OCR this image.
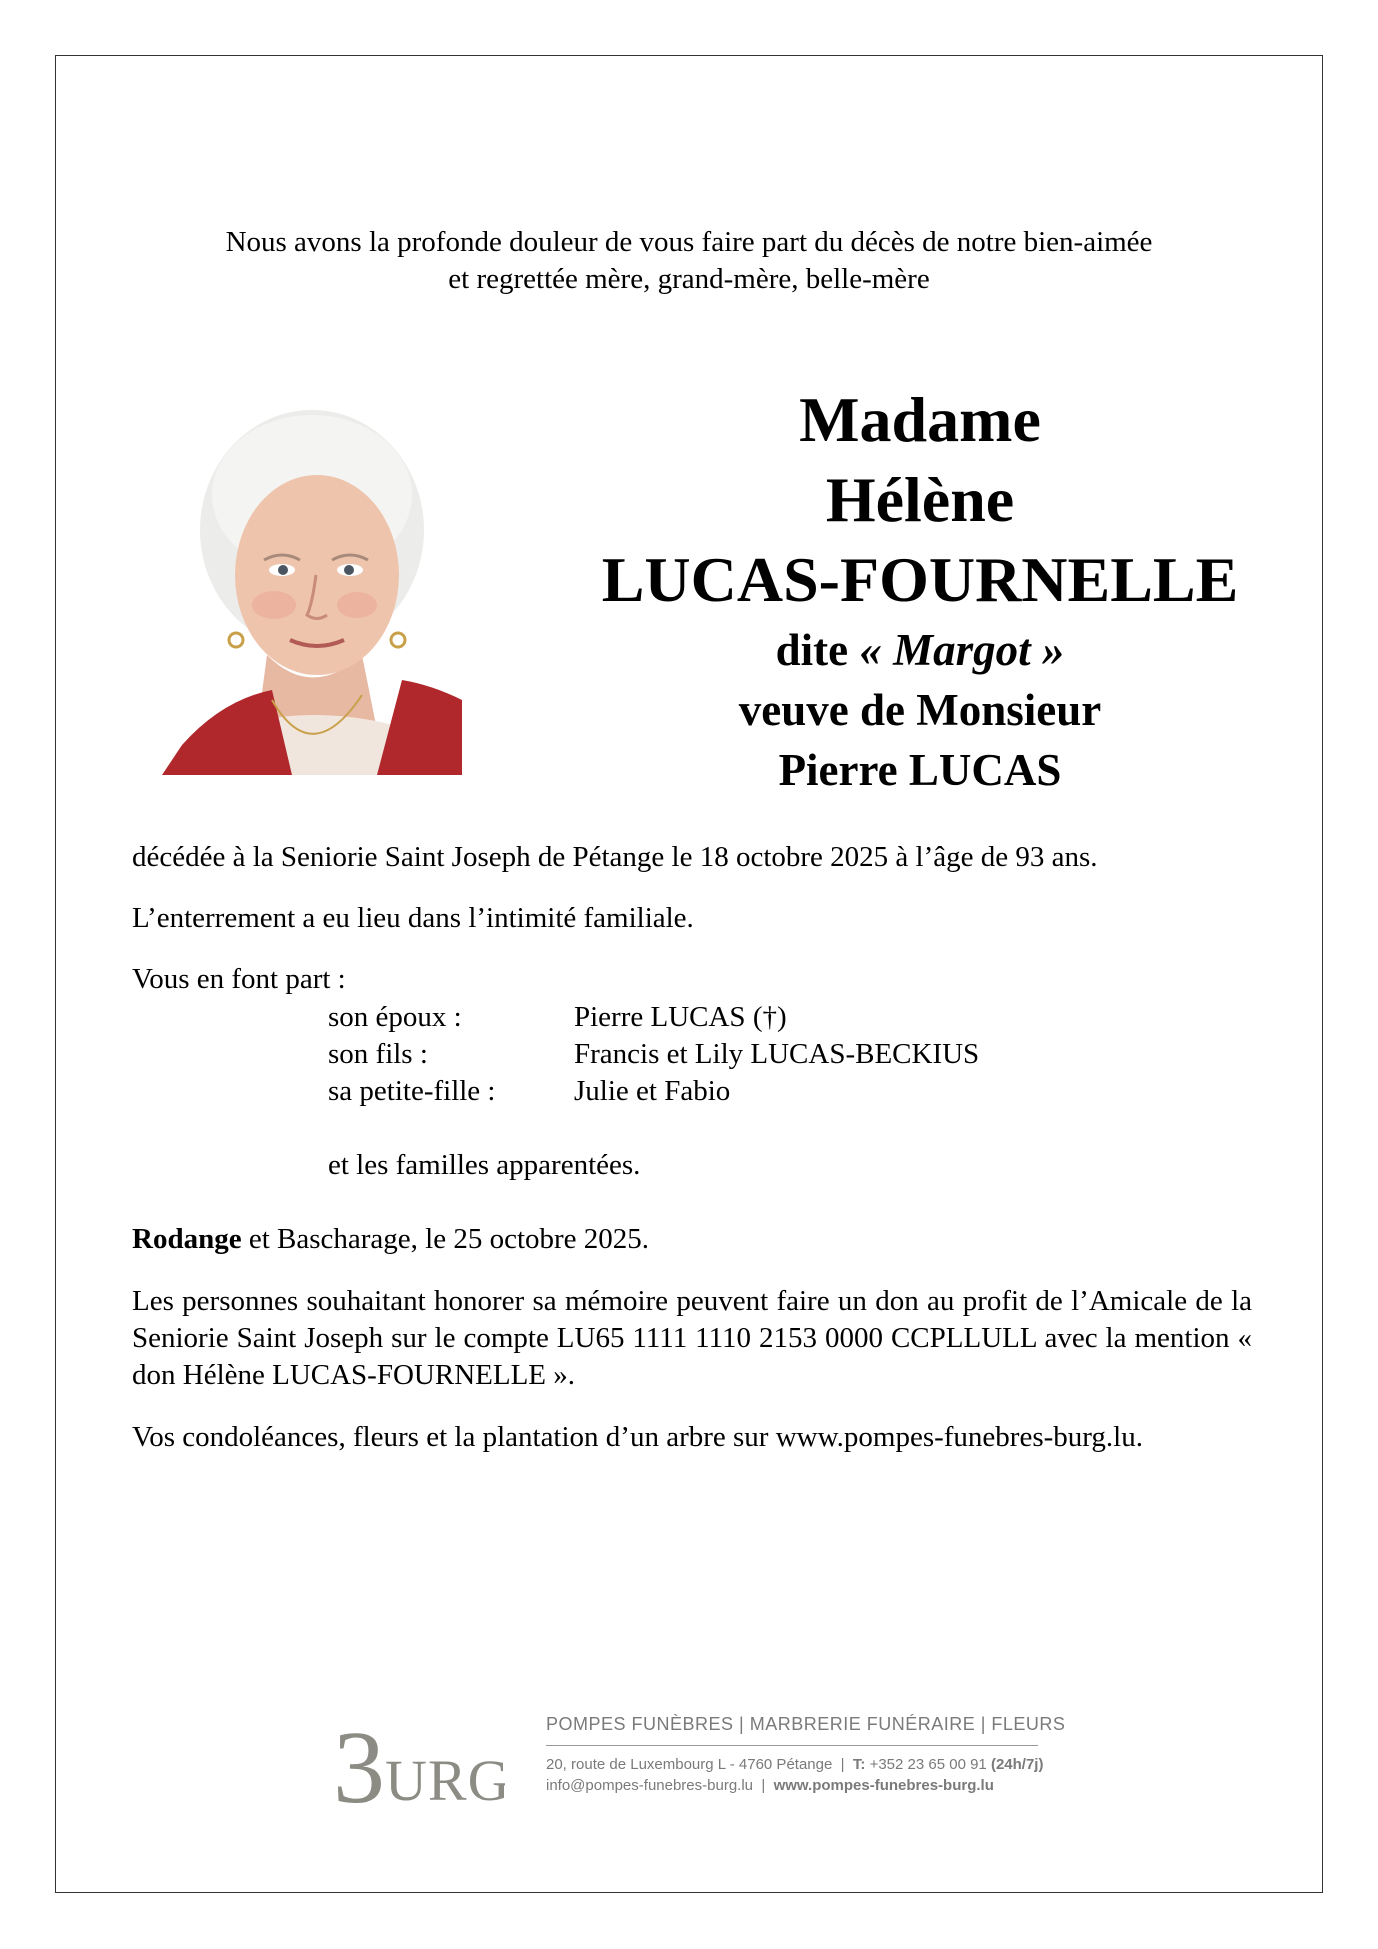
Nous avons la profonde douleur de vous faire part du décès de notre bien-aimée
et regrettée mère, grand-mère, belle-mère
Madame
Hélène
LUCAS-FOURNELLE
dite « Margot »
veuve de Monsieur
Pierre LUCAS
décédée à la Seniorie Saint Joseph de Pétange le 18 octobre 2025 à l’âge de 93 ans.
L’enterrement a eu lieu dans l’intimité familiale.
Vous en font part :
son époux :	Pierre LUCAS (†)
son fils :	Francis et Lily LUCAS-BECKIUS
sa petite-fille :	Julie et Fabio
et les familles apparentées.
Rodange et Bascharage, le 25 octobre 2025.
Les personnes souhaitant honorer sa mémoire peuvent faire un don au profit de l’Amicale de la Seniorie Saint Joseph sur le compte LU65 1111 1110 2153 0000 CCPLLULL avec la mention « don Hélène LUCAS-FOURNELLE ».
Vos condoléances, fleurs et la plantation d’un arbre sur www.pompes-funebres-burg.lu.
3 URG
POMPES FUNÈBRES | MARBRERIE FUNÉRAIRE | FLEURS
20, route de Luxembourg L - 4760 Pétange  |  T: +352 23 65 00 91 (24h/7j)
info@pompes-funebres-burg.lu  |  www.pompes-funebres-burg.lu
